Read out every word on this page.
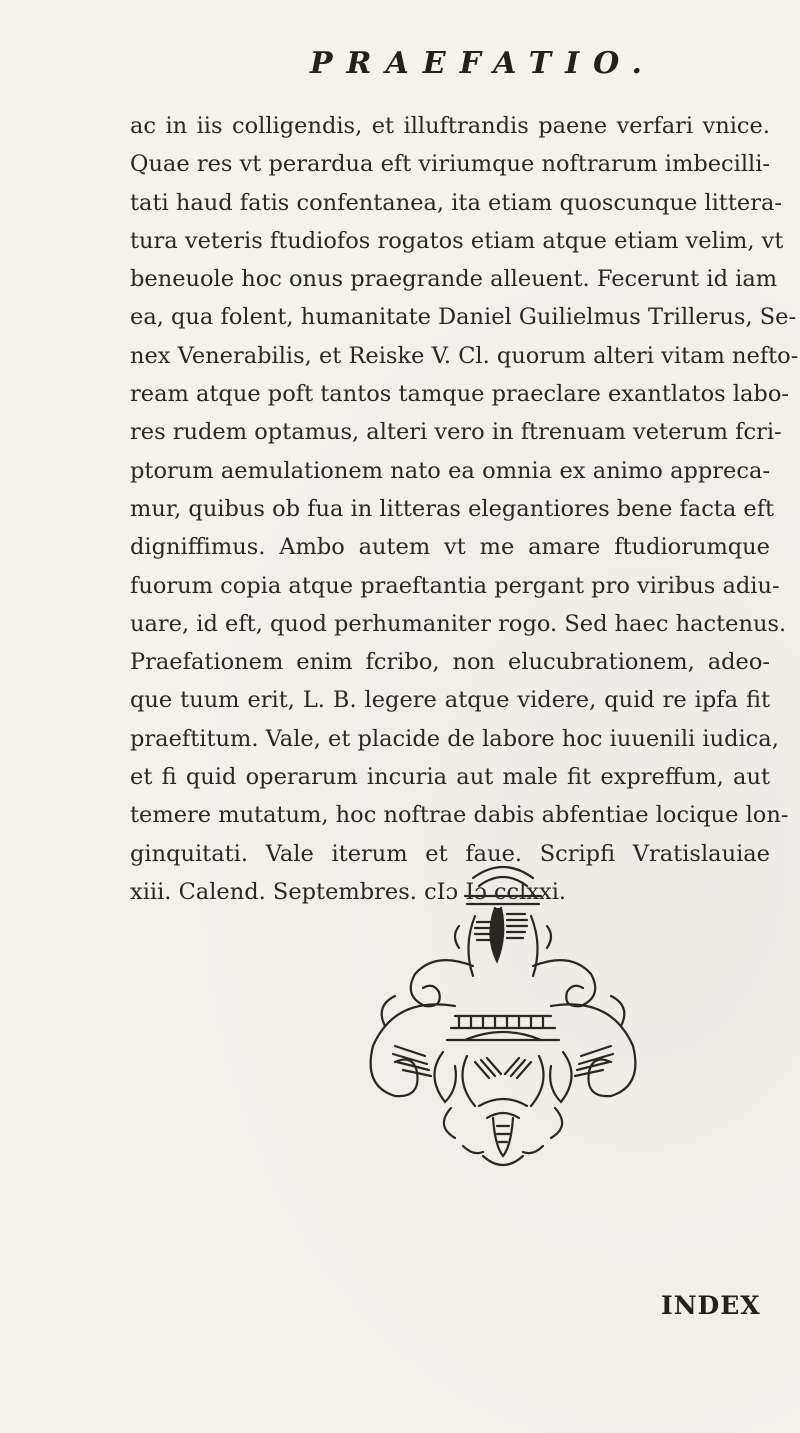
PRAEFATIO.
ac in iis colligendis, et illuftrandis paene verfari vnice.
Quae res vt perardua eft viriumque noftrarum imbecilli-
tati haud fatis confentanea, ita etiam quoscunque littera-
tura veteris ftudiofos rogatos etiam atque etiam velim, vt
beneuole hoc onus praegrande alleuent. Fecerunt id iam
ea, qua folent, humanitate Daniel Guilielmus Trillerus, Se-
nex Venerabilis, et Reiske V. Cl. quorum alteri vitam nefto-
ream atque poft tantos tamque praeclare exantlatos labo-
res rudem optamus, alteri vero in ftrenuam veterum fcri-
ptorum aemulationem nato ea omnia ex animo appreca-
mur, quibus ob fua in litteras elegantiores bene facta eft
digniffimus. Ambo autem vt me amare ftudiorumque
fuorum copia atque praeftantia pergant pro viribus adiu-
uare, id eft, quod perhumaniter rogo. Sed haec hactenus.
Praefationem enim fcribo, non elucubrationem, adeo-
que tuum erit, L. B. legere atque videre, quid re ipfa fit
praeftitum. Vale, et placide de labore hoc iuuenili iudica,
et fi quid operarum incuria aut male fit expreffum, aut
temere mutatum, hoc noftrae dabis abfentiae locique lon-
ginquitati. Vale iterum et faue. Scripfi Vratislauiae
xiii. Calend. Septembres. cIɔ Iɔ cclxxi.
INDEX
